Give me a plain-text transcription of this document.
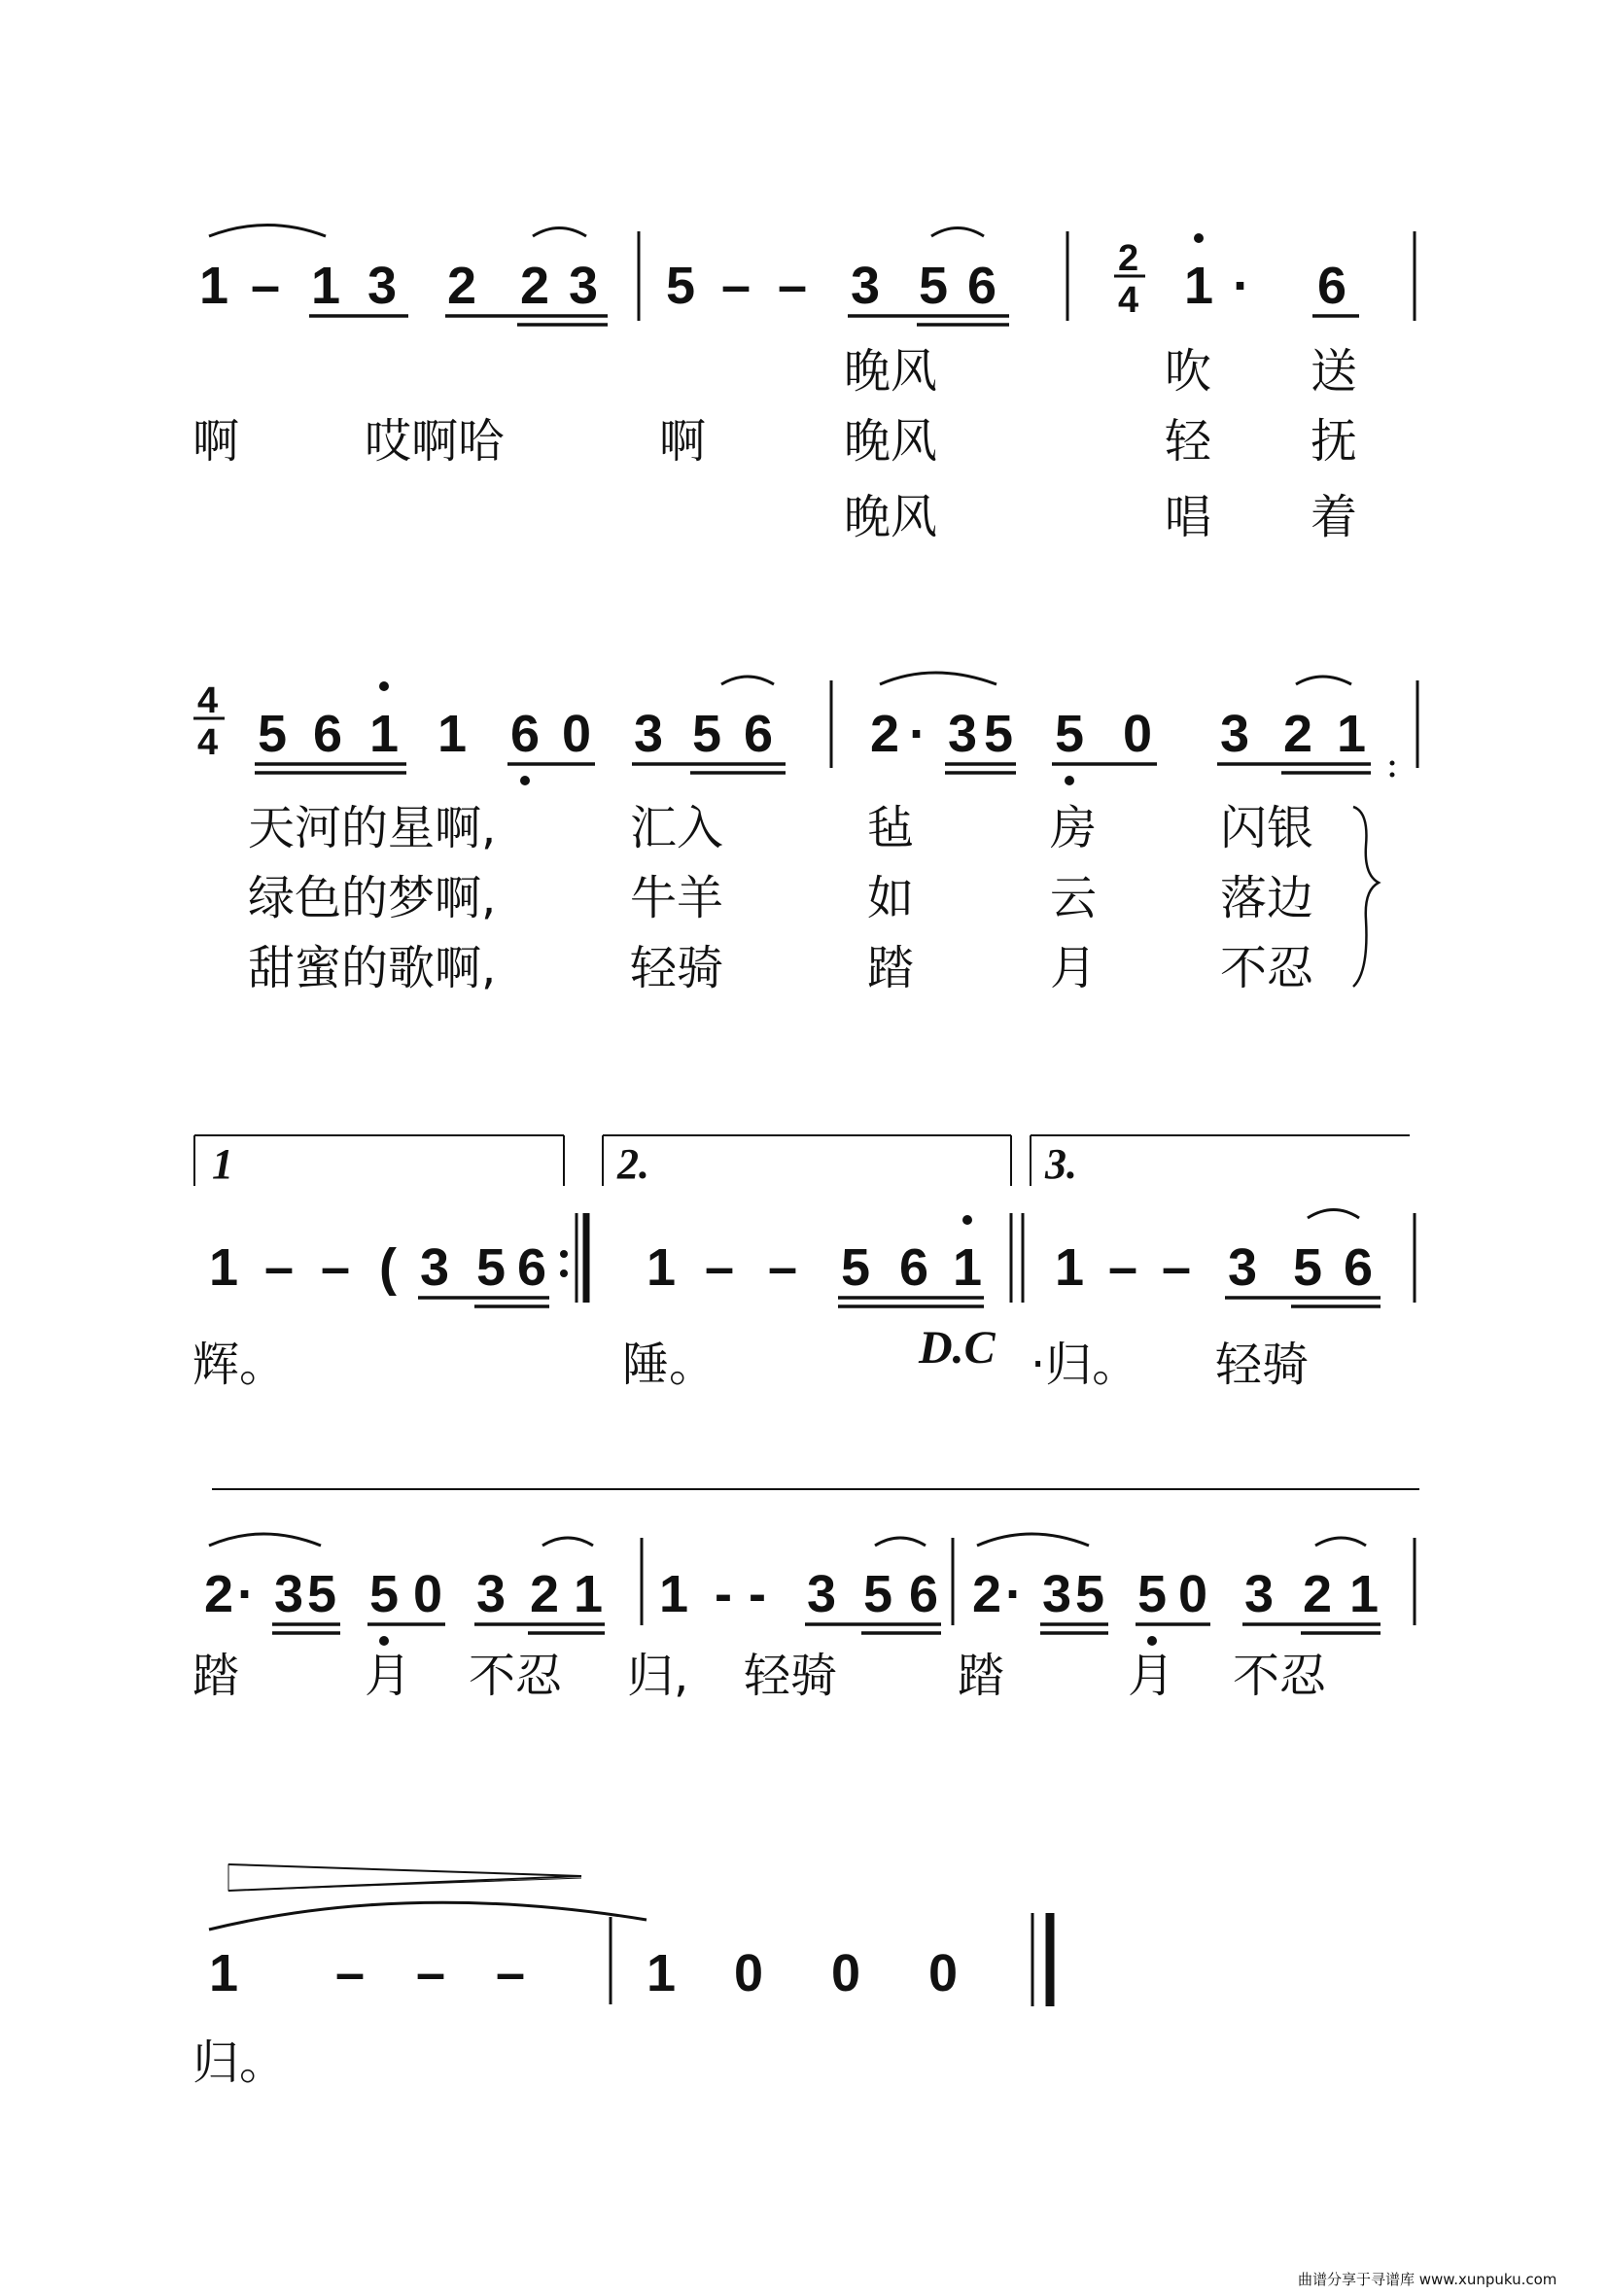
1 – 1 3 2 2 3 5 – – 3 5 6	2
4 1 · 6
晚风	吹 送
啊	哎啊哈	啊	晚风	轻 抚
晚风	唱 着
4
4 5 6 1 1 6 0 3 5 6 2 · 3 5 5 0 3 2 1
天河的星啊,	汇入	毡	房	闪银
绿色的梦啊,	牛羊	如	云	落边
甜蜜的歌啊,	轻骑	踏	月	不忍
1	2.	3.
1 – – ( 3 5 6 1 – – 5 6 1 1 – – 3 5 6
辉。	陲。	D.C ·归。 轻骑
2 · 3 5 5 0 3 2 1 1 - - 3 5 6 2 · 3 5 5 0 3 2 1
踏	月 不忍 归, 轻骑	踏	月 不忍
1 – – – 1 0 0 0
归。
曲谱分享于寻谱库 www.xunpuku.com
